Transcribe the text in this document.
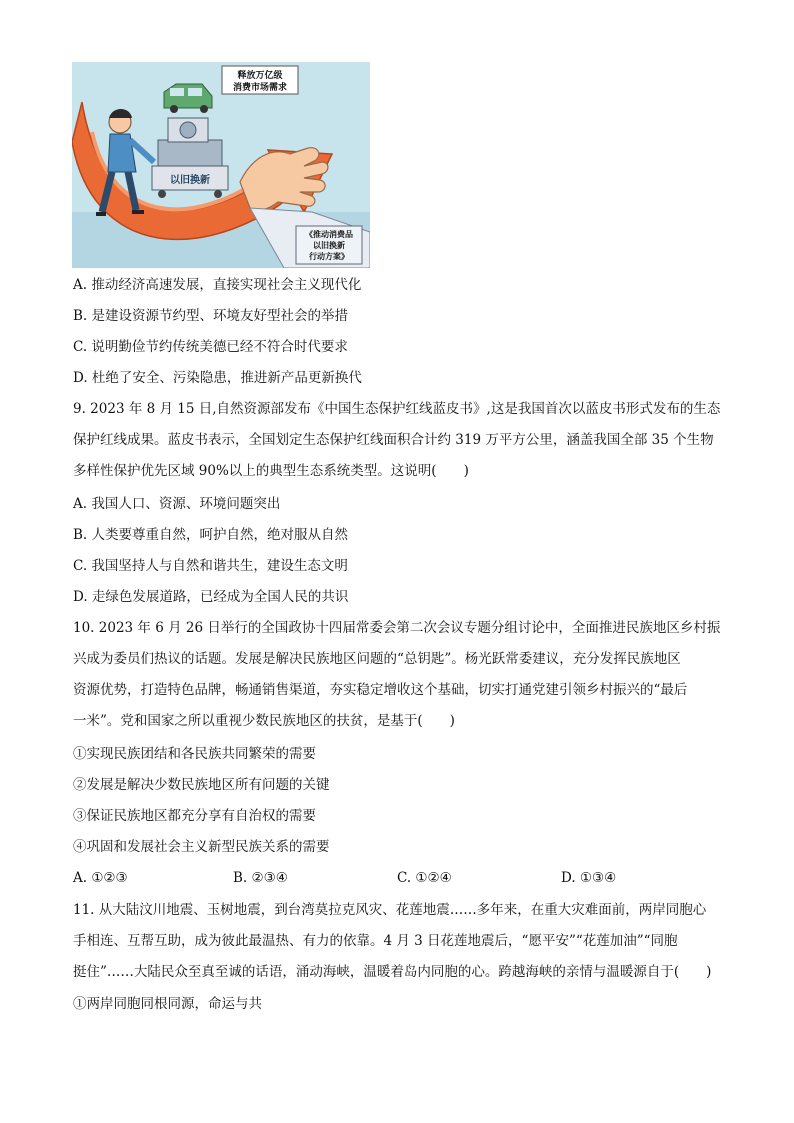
释放万亿级
消费市场需求
以旧换新
《推动消费品
以旧换新
行动方案》
A. 推动经济高速发展，直接实现社会主义现代化
B. 是建设资源节约型、环境友好型社会的举措
C. 说明勤俭节约传统美德已经不符合时代要求
D. 杜绝了安全、污染隐患，推进新产品更新换代
9. 2023 年 8 月 15 日,自然资源部发布《中国生态保护红线蓝皮书》,这是我国首次以蓝皮书形式发布的生态
保护红线成果。蓝皮书表示，全国划定生态保护红线面积合计约 319 万平方公里，涵盖我国全部 35 个生物
多样性保护优先区域 90%以上的典型生态系统类型。这说明(　　)
A. 我国人口、资源、环境问题突出
B. 人类要尊重自然，呵护自然，绝对服从自然
C. 我国坚持人与自然和谐共生，建设生态文明
D. 走绿色发展道路，已经成为全国人民的共识
10. 2023 年 6 月 26 日举行的全国政协十四届常委会第二次会议专题分组讨论中，全面推进民族地区乡村振
兴成为委员们热议的话题。发展是解决民族地区问题的“总钥匙”。杨光跃常委建议，充分发挥民族地区
资源优势，打造特色品牌，畅通销售渠道，夯实稳定增收这个基础，切实打通党建引领乡村振兴的“最后
一米”。党和国家之所以重视少数民族地区的扶贫，是基于(　　)
①实现民族团结和各民族共同繁荣的需要
②发展是解决少数民族地区所有问题的关键
③保证民族地区都充分享有自治权的需要
④巩固和发展社会主义新型民族关系的需要
A. ①②③	B. ②③④	C. ①②④	D. ①③④
11. 从大陆汶川地震、玉树地震，到台湾莫拉克风灾、花莲地震……多年来，在重大灾难面前，两岸同胞心
手相连、互帮互助，成为彼此最温热、有力的依靠。4 月 3 日花莲地震后，“愿平安”“花莲加油”“同胞
挺住”……大陆民众至真至诚的话语，涌动海峡，温暖着岛内同胞的心。跨越海峡的亲情与温暖源自于(　　)
①两岸同胞同根同源，命运与共
